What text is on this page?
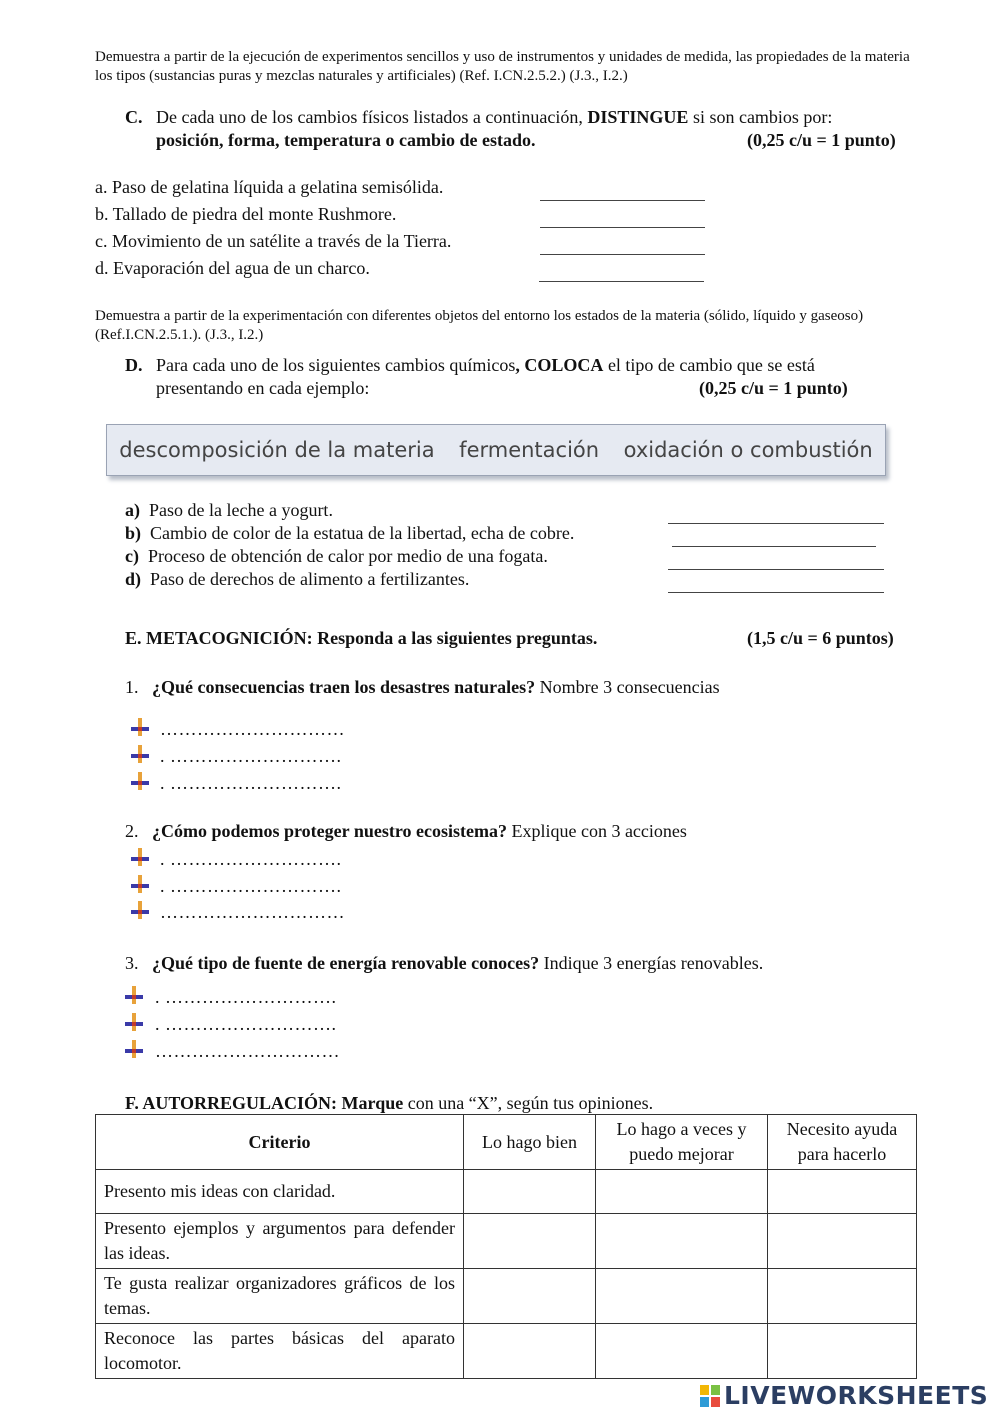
Demuestra a partir de la ejecución de experimentos sencillos y uso de instrumentos y unidades de medida, las propiedades de la materia los tipos (sustancias puras y mezclas naturales y artificiales) (Ref. I.CN.2.5.2.) (J.3., I.2.)
C. De cada uno de los cambios físicos listados a continuación, DISTINGUE si son cambios por:
posición, forma, temperatura o cambio de estado.	(0,25 c/u = 1 punto)
a. Paso de gelatina líquida a gelatina semisólida.
b. Tallado de piedra del monte Rushmore.
c. Movimiento de un satélite a través de la Tierra.
d. Evaporación del agua de un charco.
Demuestra a partir de la experimentación con diferentes objetos del entorno los estados de la materia (sólido, líquido y gaseoso) (Ref.I.CN.2.5.1.). (J.3., I.2.)
D. Para cada uno de los siguientes cambios químicos, COLOCA el tipo de cambio que se está
presentando en cada ejemplo:	(0,25 c/u = 1 punto)
descomposición de la materia fermentación oxidación o combustión
a) Paso de la leche a yogurt.
b) Cambio de color de la estatua de la libertad, echa de cobre.
c) Proceso de obtención de calor por medio de una fogata.
d) Paso de derechos de alimento a fertilizantes.
E. METACOGNICIÓN: Responda a las siguientes preguntas.	(1,5 c/u = 6 puntos)
1. ¿Qué consecuencias traen los desastres naturales? Nombre 3 consecuencias
…………………………
. ……………………….
. ……………………….
2. ¿Cómo podemos proteger nuestro ecosistema? Explique con 3 acciones
. ……………………….
. ……………………….
…………………………
3. ¿Qué tipo de fuente de energía renovable conoces? Indique 3 energías renovables.
. ……………………….
. ……………………….
…………………………
F. AUTORREGULACIÓN: Marque con una “X”, según tus opiniones.
Criterio	Lo hago bien	Lo hago a veces y puedo mejorar	Necesito ayuda para hacerlo
Presento mis ideas con claridad.			
Presento ejemplos y argumentos para defender las ideas.			
Te gusta realizar organizadores gráficos de los temas.			
Reconoce las partes básicas del aparato locomotor.			
LIVEWORKSHEETS
